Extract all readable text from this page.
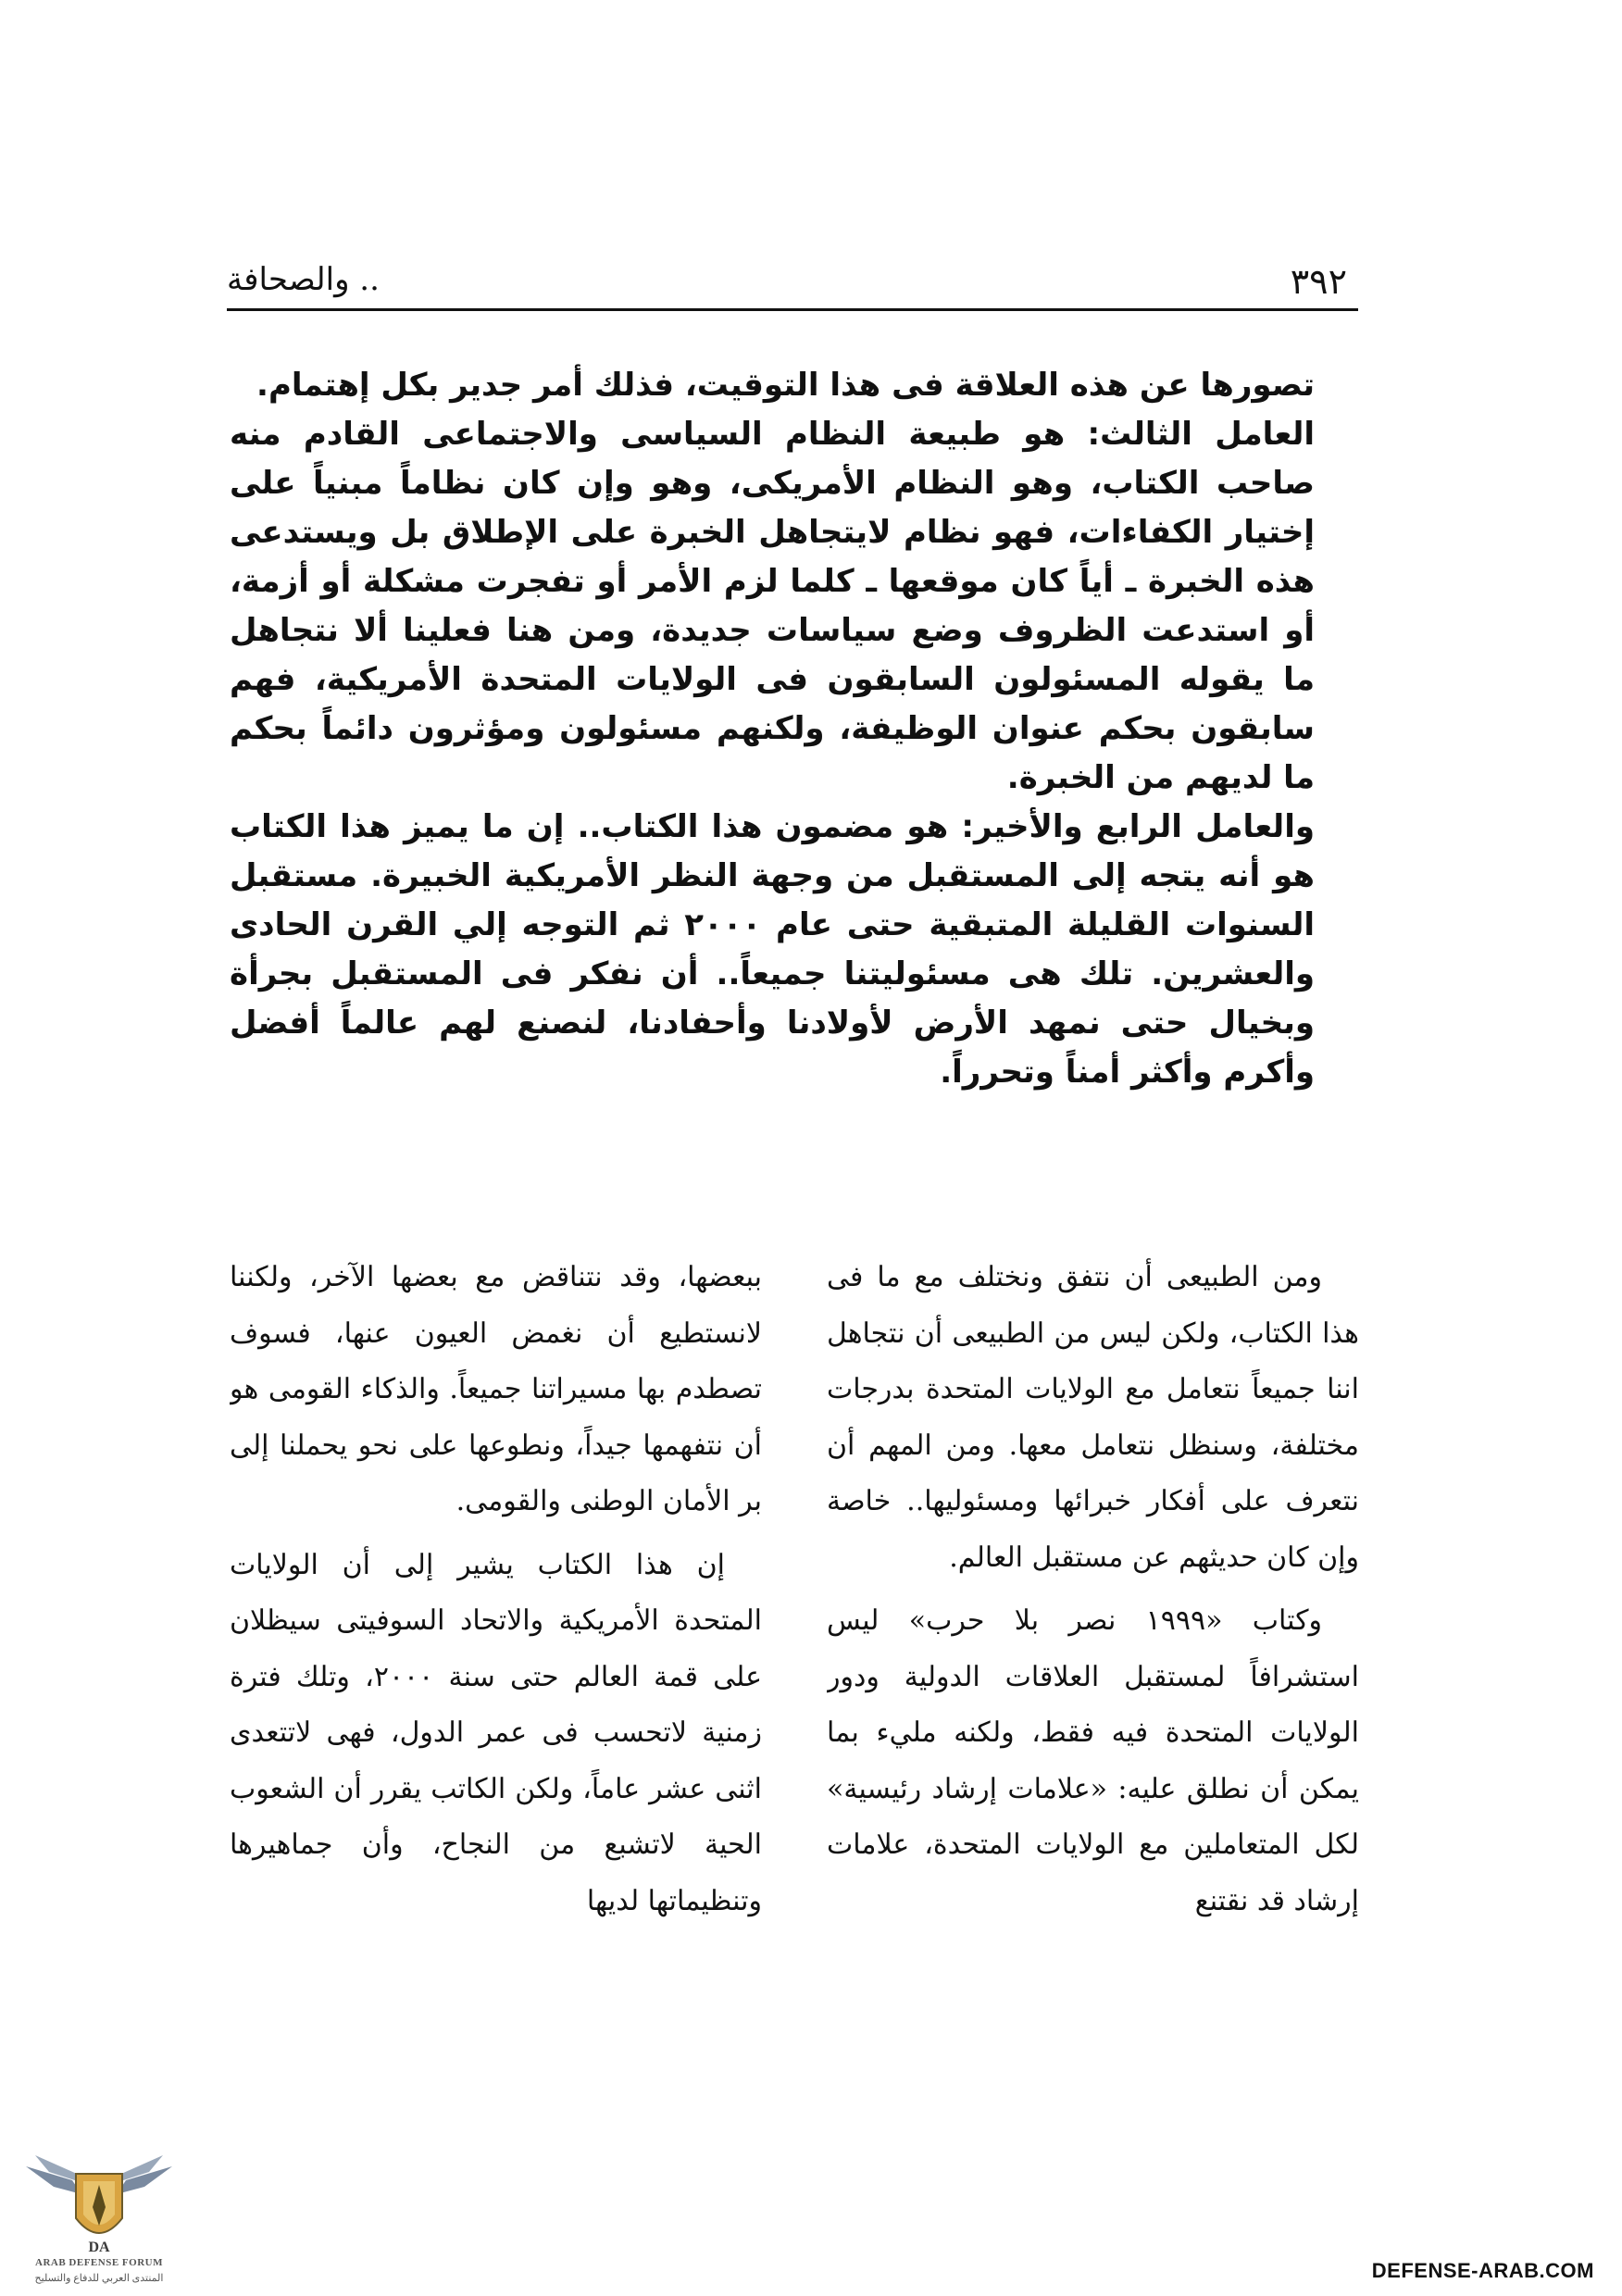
٣٩٢
.. والصحافة

تصورها عن هذه العلاقة فى هذا التوقيت، فذلك أمر جدير بكل إهتمام.

العامل الثالث: هو طبيعة النظام السياسى والاجتماعى القادم منه صاحب الكتاب، وهو النظام الأمريكى، وهو وإن كان نظاماً مبنياً على إختيار الكفاءات، فهو نظام لايتجاهل الخبرة على الإطلاق بل ويستدعى هذه الخبرة ـ أياً كان موقعها ـ كلما لزم الأمر أو تفجرت مشكلة أو أزمة، أو استدعت الظروف وضع سياسات جديدة، ومن هنا فعلينا ألا نتجاهل ما يقوله المسئولون السابقون فى الولايات المتحدة الأمريكية، فهم سابقون بحكم عنوان الوظيفة، ولكنهم مسئولون ومؤثرون دائماً بحكم ما لديهم من الخبرة.

والعامل الرابع والأخير: هو مضمون هذا الكتاب.. إن ما يميز هذا الكتاب هو أنه يتجه إلى المستقبل من وجهة النظر الأمريكية الخبيرة. مستقبل السنوات القليلة المتبقية حتى عام ٢٠٠٠ ثم التوجه إلي القرن الحادى والعشرين. تلك هى مسئوليتنا جميعاً.. أن نفكر فى المستقبل بجرأة وبخيال حتى نمهد الأرض لأولادنا وأحفادنا، لنصنع لهم عالماً أفضل وأكرم وأكثر أمناً وتحرراً.

ومن الطبيعى أن نتفق ونختلف مع ما فى هذا الكتاب، ولكن ليس من الطبيعى أن نتجاهل اننا جميعاً نتعامل مع الولايات المتحدة بدرجات مختلفة، وسنظل نتعامل معها. ومن المهم أن نتعرف على أفكار خبرائها ومسئوليها.. خاصة وإن كان حديثهم عن مستقبل العالم.

وكتاب «١٩٩٩ نصر بلا حرب» ليس استشرافاً لمستقبل العلاقات الدولية ودور الولايات المتحدة فيه فقط، ولكنه مليء بما يمكن أن نطلق عليه: «علامات إرشاد رئيسية» لكل المتعاملين مع الولايات المتحدة، علامات إرشاد قد نقتنع

ببعضها، وقد نتناقض مع بعضها الآخر، ولكننا لانستطيع أن نغمض العيون عنها، فسوف تصطدم بها مسيراتنا جميعاً. والذكاء القومى هو أن نتفهمها جيداً، ونطوعها على نحو يحملنا إلى بر الأمان الوطنى والقومى.

إن هذا الكتاب يشير إلى أن الولايات المتحدة الأمريكية والاتحاد السوفيتى سيظلان على قمة العالم حتى سنة ٢٠٠٠، وتلك فترة زمنية لاتحسب فى عمر الدول، فهى لاتتعدى اثنى عشر عاماً، ولكن الكاتب يقرر أن الشعوب الحية لاتشبع من النجاح، وأن جماهيرها وتنظيماتها لديها

DA
ARAB DEFENSE FORUM
المنتدى العربي للدفاع والتسليح	DEFENSE-ARAB.COM
